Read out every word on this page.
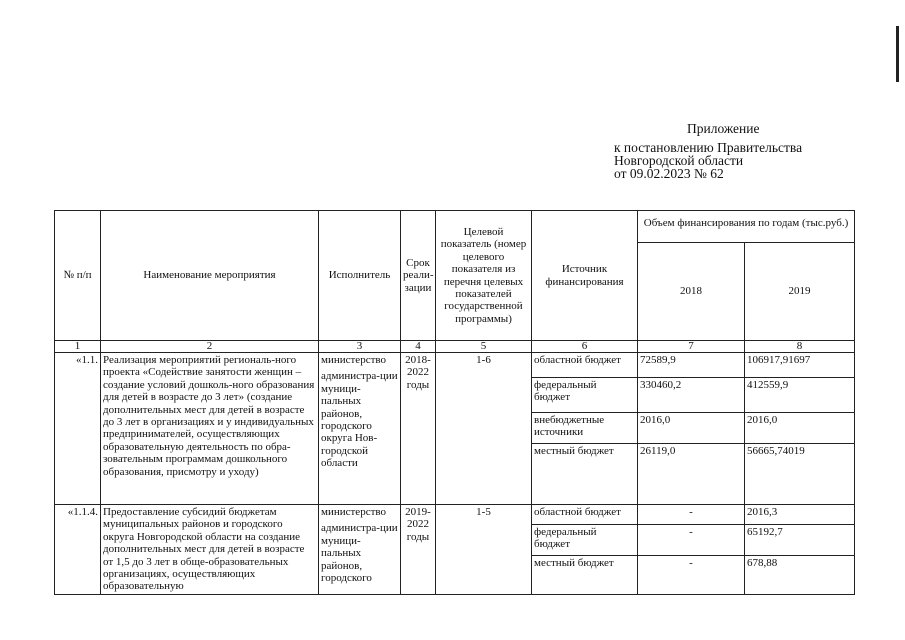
Приложение
к постановлению Правительства
Новгородской области
от 09.02.2023 № 62
№ п/п	Наименование мероприятия	Исполнитель	Срок реали-зации	Целевой показатель (номер целевого показателя из перечня целевых показателей государственной программы)	Источник финансирования	Объем финансирования по годам (тыс.руб.)	
						2018	2019
1	2	3	4	5	6	7	8
«1.1.	Реализация мероприятий региональ-ного проекта «Содействие занятости женщин – создание условий дошколь-ного образования для детей в возрасте до 3 лет» (создание дополнительных мест для детей в возрасте до 3 лет в организациях и у индивидуальных предпринимателей, осуществляющих образовательную деятельность по обра-зовательным программам дошкольного образования, присмотру и уходу)	министерство
администра-ции муници-пальных районов, городского округа Нов-городской области	2018-2022 годы	1-6	областной бюджет	72589,9	106917,91697
					федеральный бюджет	330460,2	412559,9
					внебюджетные источники	2016,0	2016,0
					местный бюджет	26119,0	56665,74019
«1.1.4.	Предоставление субсидий бюджетам муниципальных районов и городского округа Новгородской области на создание дополнительных мест для детей в возрасте от 1,5 до 3 лет в обще-образовательных организациях, осуществляющих образовательную	министерство
администра-ции муници-пальных районов, городского	2019-2022 годы	1-5	областной бюджет	-	2016,3
					федеральный бюджет	-	65192,7
					местный бюджет	-	678,88
